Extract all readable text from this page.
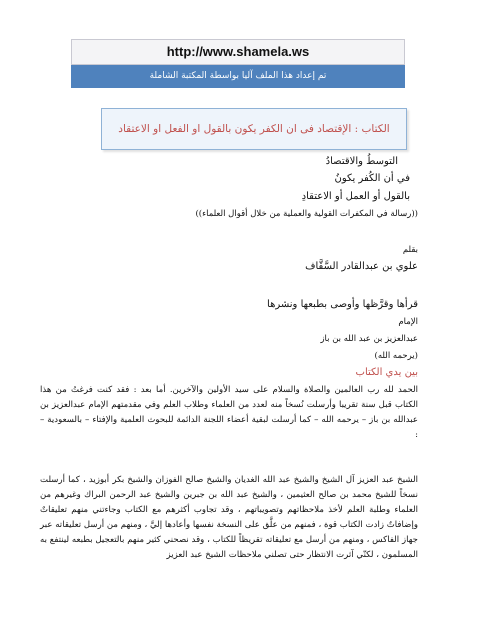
http://www.shamela.ws
تم إعداد هذا الملف آليا بواسطة المكتبة الشاملة
الكتاب : الإقتصاد فى ان الكفر يكون بالقول او الفعل او الاعتقاد
التوسطُ والاقتصادُ
في أن الكُفر يكونُ
بالقول أو العمل أو الاعتقادِ
((رسالة في المكفرات القولية والعملية من خلال أقوال العلماء))
بقلم
علوي بن عبدالقادر السَّقَّاف
قرأها وقرَّظها وأوصى بطبعها ونشرها
الإمام
عبدالعزيز بن عبد الله بن باز
(يرحمه الله)
بين يدي الكتاب
الحمد لله رب العالمين والصلاة والسلام على سيد الأولين والآخرين. أما بعد : فقد كنت فرغتُ من هذا الكتاب قبل سنة تقريبا وأرسلت نُسخاً منه لعدد من العلماء وطلاب العلم وفي مقدمتهم الإمام عبدالعزيز بن عبدالله بن باز – يرحمه الله – كما أرسلت لبقية أعضاء اللجنة الدائمة للبحوث العلمية والإفتاء – بالسعودية – :
الشيخ عبد العزيز آل الشيخ والشيخ عبد الله الغديان والشيخ صالح الفوزان والشيخ بكر أبوزيد ، كما أرسلت نسخاً للشيخ محمد بن صالح العثيمين ، والشيخ عبد الله بن جبرين والشيخ عبد الرحمن البراك وغيرهم من العلماء وطلبة العلم لأخذ ملاحظاتهم وتصويباتهم ، وقد تجاوب أكثرهم مع الكتاب وجاءتني منهم تعليقاتٌ وإضافاتٌ زادت الكتاب قوة ، فمنهم من علَّق على النسخة نفسها وأعادها إليَّ ، ومنهم من أرسل تعليقاته عبر جهاز الفاكس ، ومنهم من أرسل مع تعليقاته تقريظاً للكتاب ، وقد نصحني كثير منهم بالتعجيل بطبعه لينتفع به المسلمون ، لكنّي آثرت الانتظار حتى تصلني ملاحظات الشيخ عبد العزيز
